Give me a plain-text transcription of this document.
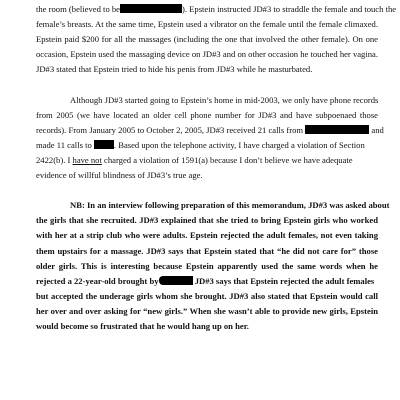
the room (believed to be	). Epstein instructed JD#3 to straddle the female and touch the
female’s breasts. At the same time, Epstein used a vibrator on the female until the female climaxed.
Epstein paid $200 for all the massages (including the one that involved the other female). On one
occasion, Epstein used the massaging device on JD#3 and on other occasion he touched her vagina.
JD#3 stated that Epstein tried to hide his penis from JD#3 while he masturbated.
Although JD#3 started going to Epstein’s home in mid-2003, we only have phone records
from 2005 (we have located an older cell phone number for JD#3 and have subpoenaed those
records). From January 2005 to October 2, 2005, JD#3 received 21 calls from	and
made 11 calls to	. Based upon the telephone activity, I have charged a violation of Section
2422(b). I have not charged a violation of 1591(a) because I don’t believe we have adequate
evidence of willful blindness of JD#3’s true age.
NB: In an interview following preparation of this memorandum, JD#3 was asked about
the girls that she recruited. JD#3 explained that she tried to bring Epstein girls who worked
with her at a strip club who were adults. Epstein rejected the adult females, not even taking
them upstairs for a massage. JD#3 says that Epstein stated that “he did not care for” those
older girls. This is interesting because Epstein apparently used the same words when he
rejected a 22-year-old brought by	JD#3 says that Epstein rejected the adult females
but accepted the underage girls whom she brought. JD#3 also stated that Epstein would call
her over and over asking for “new girls.” When she wasn’t able to provide new girls, Epstein
would become so frustrated that he would hang up on her.
